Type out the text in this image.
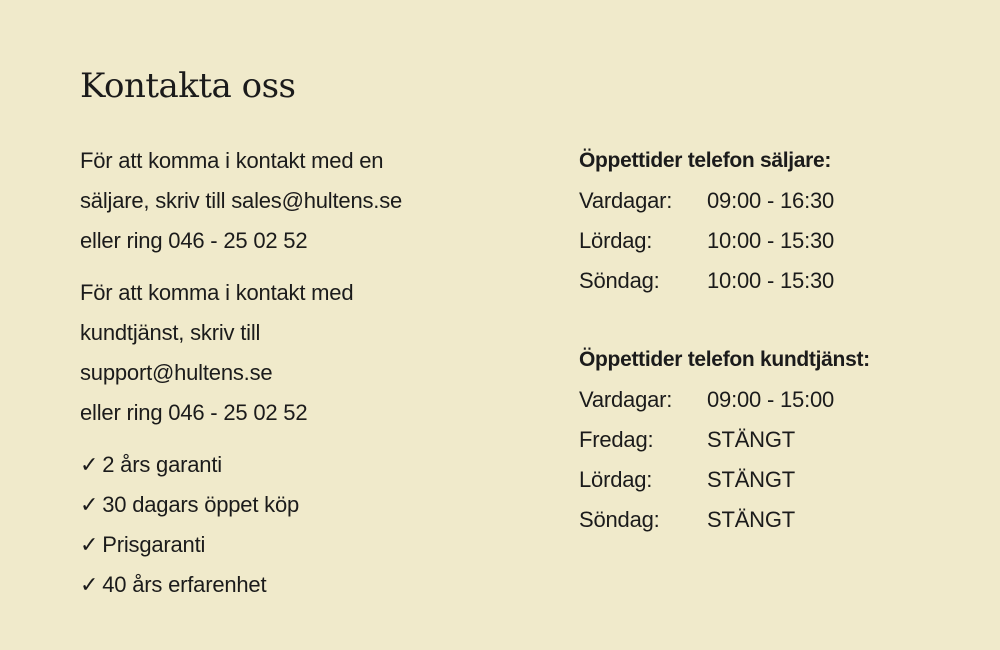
Kontakta oss

För att komma i kontakt med en
säljare, skriv till sales@hultens.se
eller ring 046 - 25 02 52

För att komma i kontakt med
kundtjänst, skriv till
support@hultens.se
eller ring 046 - 25 02 52

✓ 2 års garanti
✓ 30 dagars öppet köp
✓ Prisgaranti
✓ 40 års erfarenhet
Öppettider telefon säljare:
Vardagar: 09:00 - 16:30
Lördag: 10:00 - 15:30
Söndag: 10:00 - 15:30
Öppettider telefon kundtjänst:
Vardagar: 09:00 - 15:00
Fredag: STÄNGT
Lördag: STÄNGT
Söndag: STÄNGT
